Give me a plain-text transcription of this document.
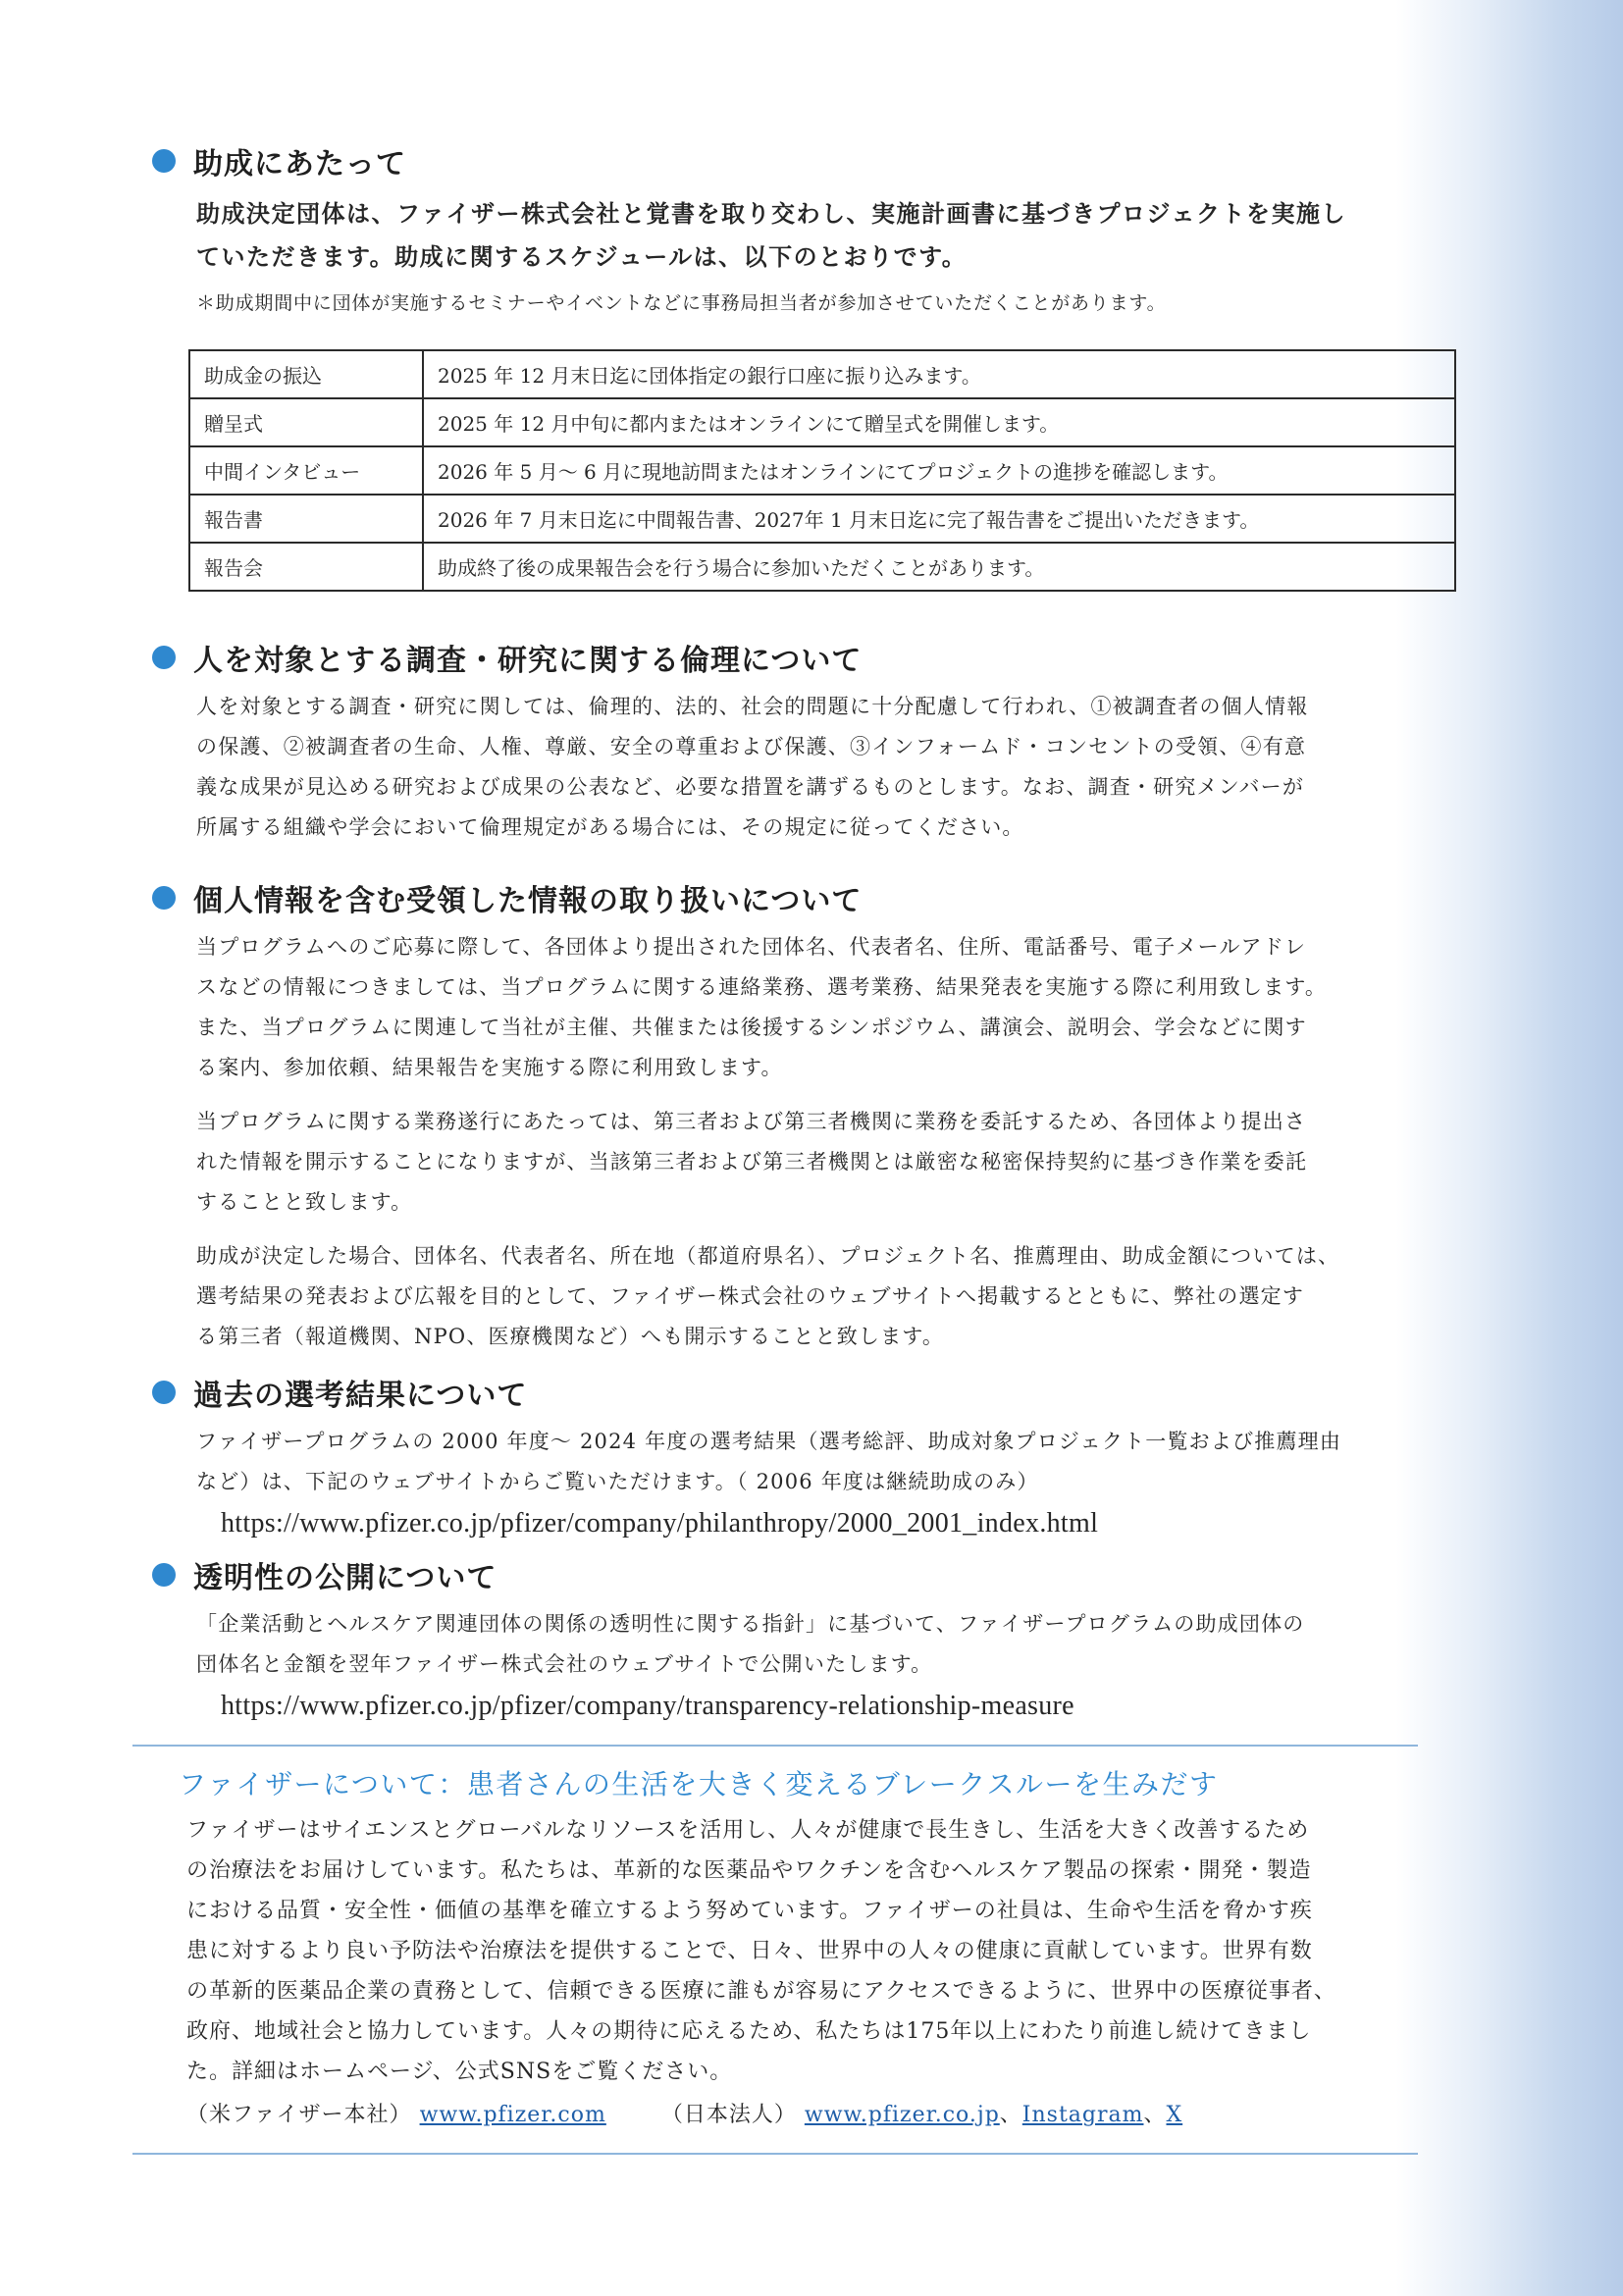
助成にあたって
助成決定団体は、ファイザー株式会社と覚書を取り交わし、実施計画書に基づきプロジェクトを実施し
ていただきます。助成に関するスケジュールは、以下のとおりです。
＊助成期間中に団体が実施するセミナーやイベントなどに事務局担当者が参加させていただくことがあります。
助成金の振込	2025 年 12 月末日迄に団体指定の銀行口座に振り込みます。
贈呈式	2025 年 12 月中旬に都内またはオンラインにて贈呈式を開催します。
中間インタビュー	2026 年 5 月～ 6 月に現地訪問またはオンラインにてプロジェクトの進捗を確認します。
報告書	2026 年 7 月末日迄に中間報告書、2027年 1 月末日迄に完了報告書をご提出いただきます。
報告会	助成終了後の成果報告会を行う場合に参加いただくことがあります。
人を対象とする調査・研究に関する倫理について
人を対象とする調査・研究に関しては、倫理的、法的、社会的問題に十分配慮して行われ、①被調査者の個人情報
の保護、②被調査者の生命、人権、尊厳、安全の尊重および保護、③インフォームド・コンセントの受領、④有意
義な成果が見込める研究および成果の公表など、必要な措置を講ずるものとします。なお、調査・研究メンバーが
所属する組織や学会において倫理規定がある場合には、その規定に従ってください。
個人情報を含む受領した情報の取り扱いについて
当プログラムへのご応募に際して、各団体より提出された団体名、代表者名、住所、電話番号、電子メールアドレ
スなどの情報につきましては、当プログラムに関する連絡業務、選考業務、結果発表を実施する際に利用致します。
また、当プログラムに関連して当社が主催、共催または後援するシンポジウム、講演会、説明会、学会などに関す
る案内、参加依頼、結果報告を実施する際に利用致します。
当プログラムに関する業務遂行にあたっては、第三者および第三者機関に業務を委託するため、各団体より提出さ
れた情報を開示することになりますが、当該第三者および第三者機関とは厳密な秘密保持契約に基づき作業を委託
することと致します。
助成が決定した場合、団体名、代表者名、所在地（都道府県名）、プロジェクト名、推薦理由、助成金額については、
選考結果の発表および広報を目的として、ファイザー株式会社のウェブサイトへ掲載するとともに、弊社の選定す
る第三者（報道機関、NPO、医療機関など）へも開示することと致します。
過去の選考結果について
ファイザープログラムの 2000 年度～ 2024 年度の選考結果（選考総評、助成対象プロジェクト一覧および推薦理由
など）は、下記のウェブサイトからご覧いただけます。（ 2006 年度は継続助成のみ）
https://www.pfizer.co.jp/pfizer/company/philanthropy/2000_2001_index.html
透明性の公開について
「企業活動とヘルスケア関連団体の関係の透明性に関する指針」に基づいて、ファイザープログラムの助成団体の
団体名と金額を翌年ファイザー株式会社のウェブサイトで公開いたします。
https://www.pfizer.co.jp/pfizer/company/transparency-relationship-measure
ファイザーについて：患者さんの生活を大きく変えるブレークスルーを生みだす
ファイザーはサイエンスとグローバルなリソースを活用し、人々が健康で長生きし、生活を大きく改善するため
の治療法をお届けしています。私たちは、革新的な医薬品やワクチンを含むヘルスケア製品の探索・開発・製造
における品質・安全性・価値の基準を確立するよう努めています。ファイザーの社員は、生命や生活を脅かす疾
患に対するより良い予防法や治療法を提供することで、日々、世界中の人々の健康に貢献しています。世界有数
の革新的医薬品企業の責務として、信頼できる医療に誰もが容易にアクセスできるように、世界中の医療従事者、
政府、地域社会と協力しています。人々の期待に応えるため、私たちは175年以上にわたり前進し続けてきまし
た。詳細はホームページ、公式SNSをご覧ください。
（米ファイザー本社） www.pfizer.com	（日本法人） www.pfizer.co.jp、Instagram、X
